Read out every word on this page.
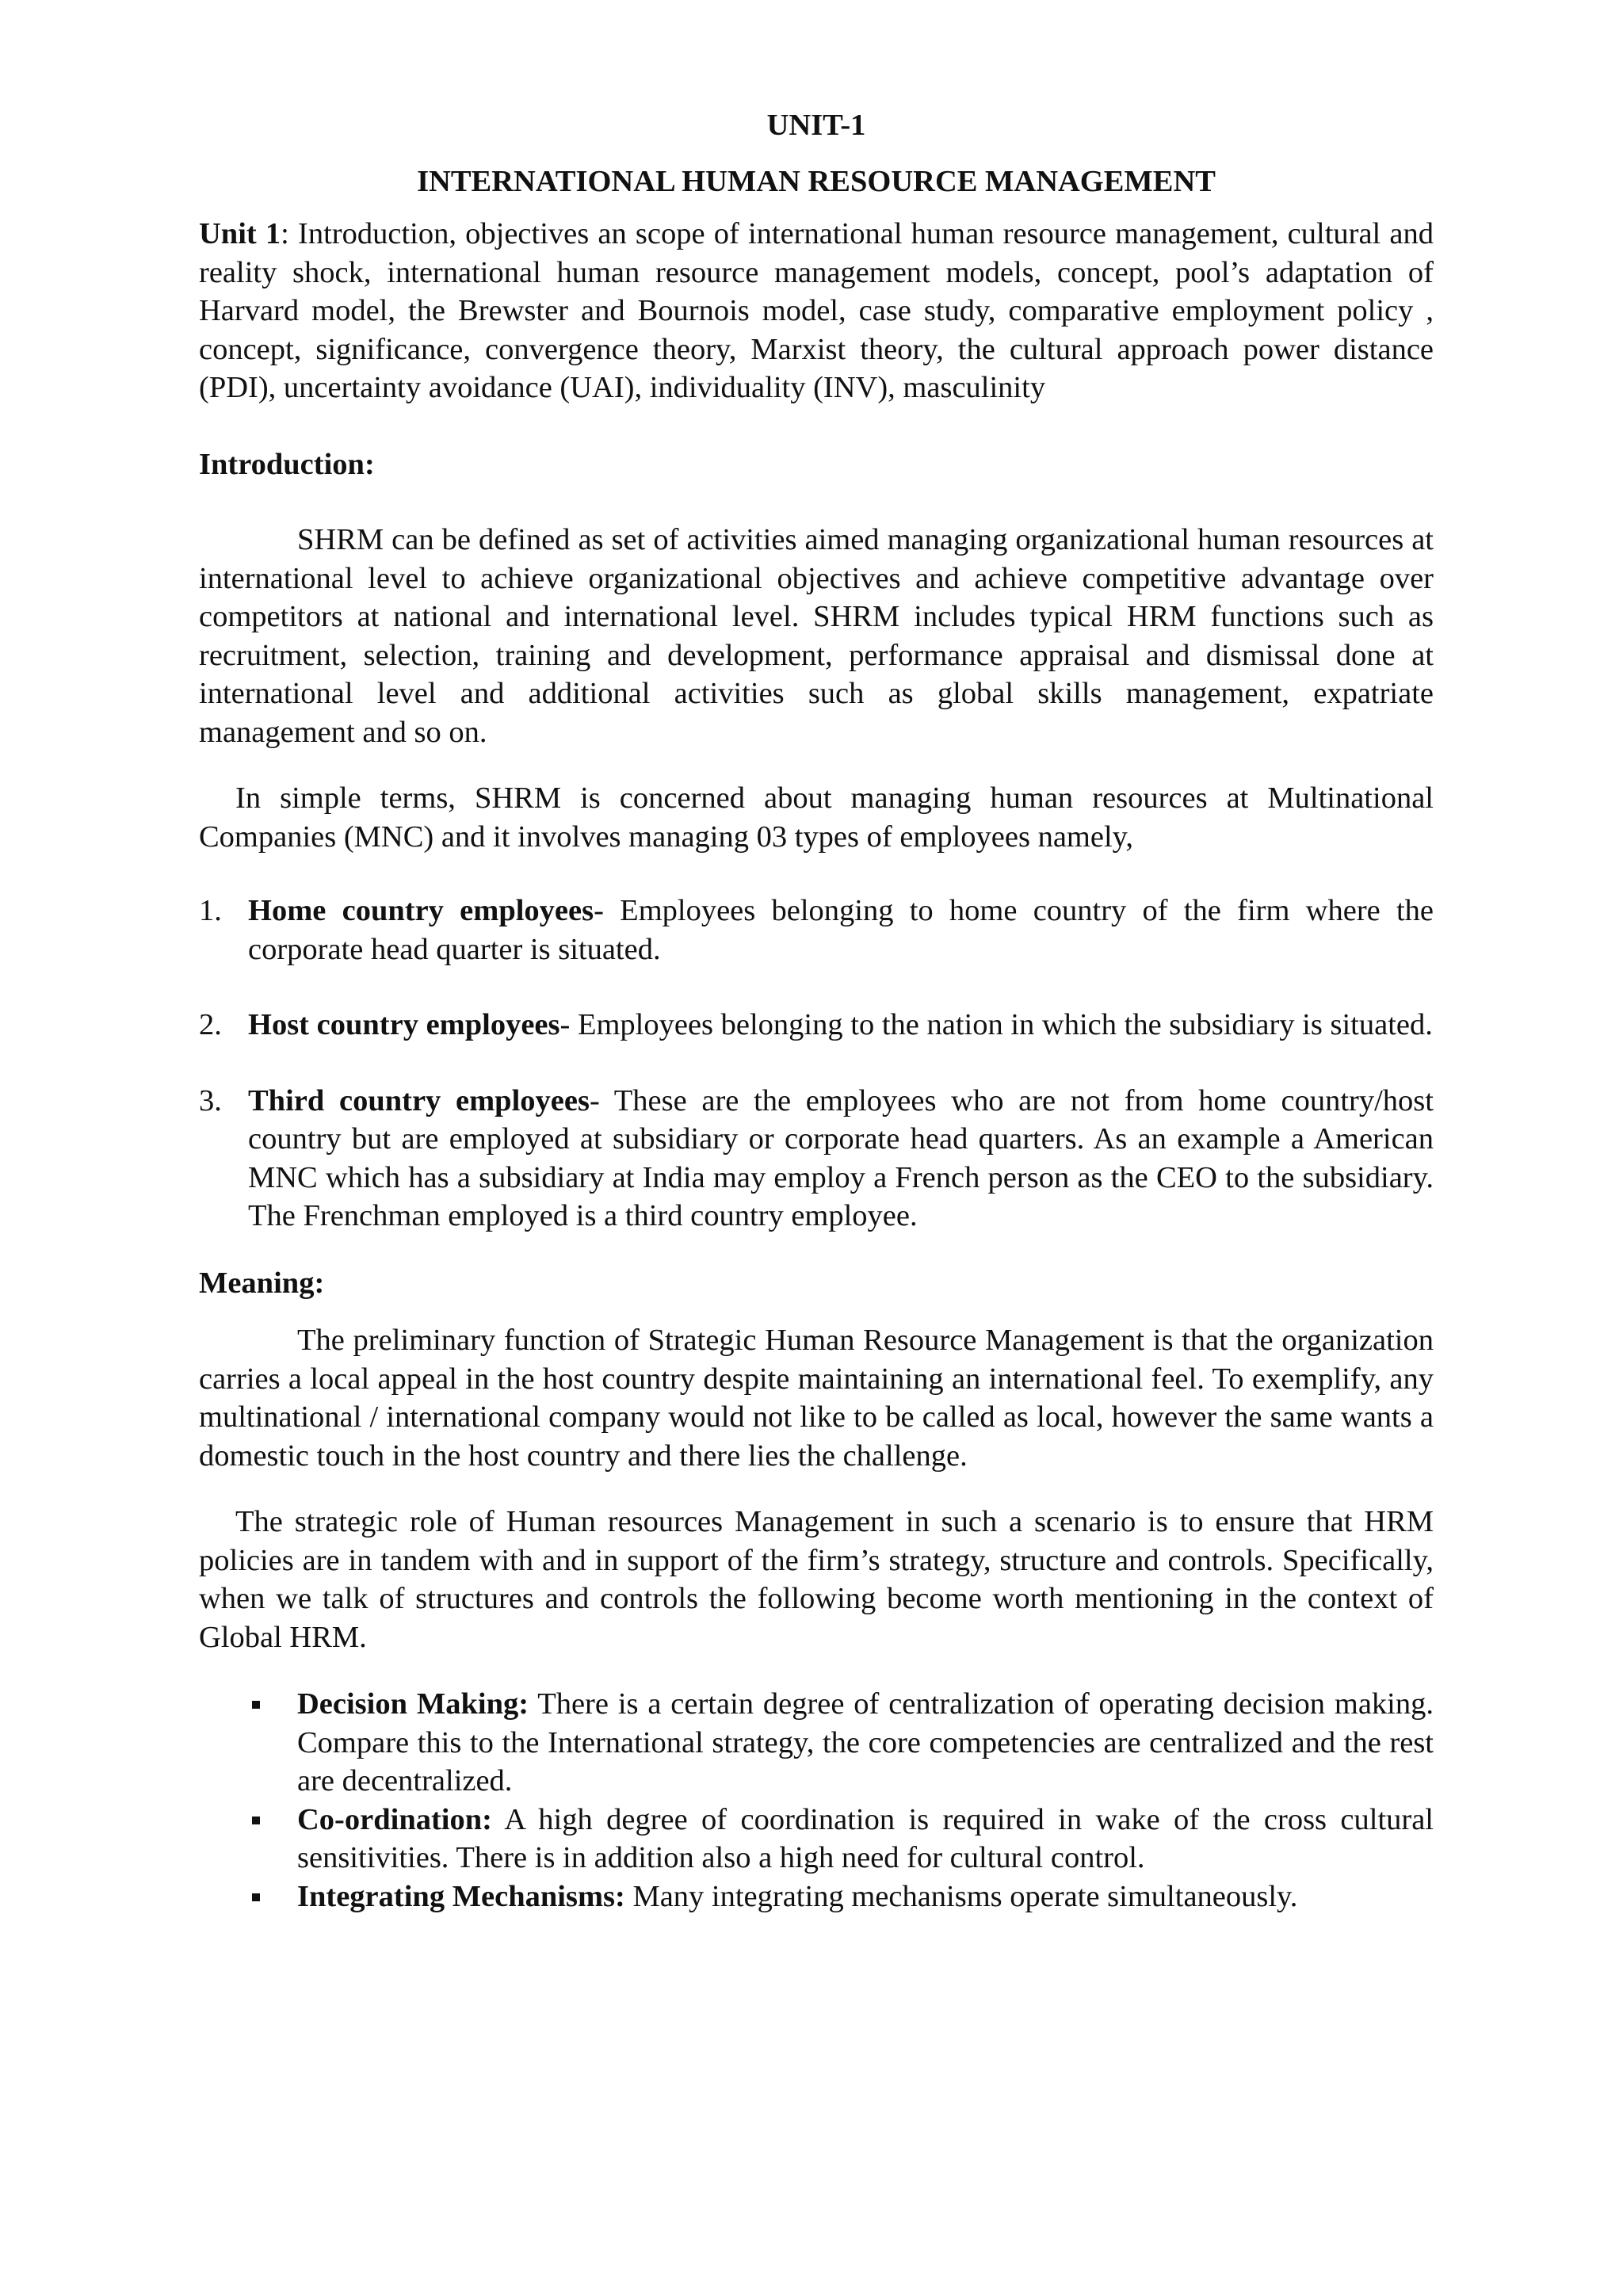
UNIT-1

INTERNATIONAL HUMAN RESOURCE MANAGEMENT

Unit 1: Introduction, objectives an scope of international human resource management, cultural and reality shock, international human resource management models, concept, pool’s adaptation of Harvard model, the Brewster and Bournois model, case study, comparative employment policy , concept, significance, convergence theory, Marxist theory, the cultural approach power distance (PDI), uncertainty avoidance (UAI), individuality (INV), masculinity

Introduction:

SHRM can be defined as set of activities aimed managing organizational human resources at international level to achieve organizational objectives and achieve competitive advantage over competitors at national and international level. SHRM includes typical HRM functions such as recruitment, selection, training and development, performance appraisal and dismissal done at international level and additional activities such as global skills management, expatriate management and so on.

In simple terms, SHRM is concerned about managing human resources at Multinational Companies (MNC) and it involves managing 03 types of employees namely,

1. Home country employees- Employees belonging to home country of the firm where the corporate head quarter is situated.
2. Host country employees- Employees belonging to the nation in which the subsidiary is situated.
3. Third country employees- These are the employees who are not from home country/host country but are employed at subsidiary or corporate head quarters. As an example a American MNC which has a subsidiary at India may employ a French person as the CEO to the subsidiary. The Frenchman employed is a third country employee.

Meaning:

The preliminary function of Strategic Human Resource Management is that the organization carries a local appeal in the host country despite maintaining an international feel. To exemplify, any multinational / international company would not like to be called as local, however the same wants a domestic touch in the host country and there lies the challenge.

The strategic role of Human resources Management in such a scenario is to ensure that HRM policies are in tandem with and in support of the firm’s strategy, structure and controls. Specifically, when we talk of structures and controls the following become worth mentioning in the context of Global HRM.

Decision Making: There is a certain degree of centralization of operating decision making. Compare this to the International strategy, the core competencies are centralized and the rest are decentralized.
Co-ordination: A high degree of coordination is required in wake of the cross cultural sensitivities. There is in addition also a high need for cultural control.
Integrating Mechanisms: Many integrating mechanisms operate simultaneously.
